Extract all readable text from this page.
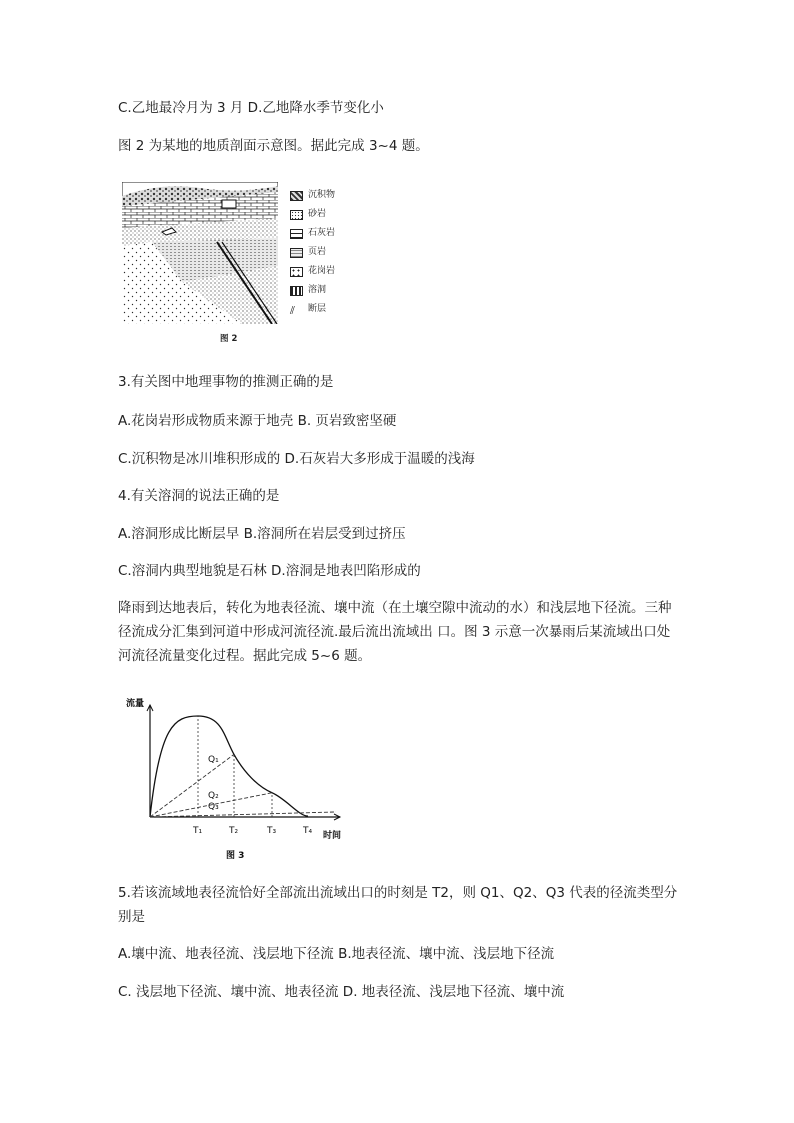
C.乙地最冷月为 3 月 D.乙地降水季节变化小
图 2 为某地的地质剖面示意图。据此完成 3~4 题。
沉积物
砂岩
石灰岩
页岩
花岗岩
溶洞
⫽	断层
图 2
3.有关图中地理事物的推测正确的是
A.花岗岩形成物质来源于地壳 B. 页岩致密坚硬
C.沉积物是冰川堆积形成的 D.石灰岩大多形成于温暖的浅海
4.有关溶洞的说法正确的是
A.溶洞形成比断层早 B.溶洞所在岩层受到过挤压
C.溶洞内典型地貌是石林 D.溶洞是地表凹陷形成的
降雨到达地表后，转化为地表径流、壤中流（在土壤空隙中流动的水）和浅层地下径流。三种径流成分汇集到河道中形成河流径流.最后流出流域出 口。图 3 示意一次暴雨后某流域出口处河流径流量变化过程。据此完成 5~6 题。
流量
时间
Q₁
Q₂
Q₃
T₁	T₂	T₃	T₄
图 3
5.若该流域地表径流恰好全部流出流域出口的时刻是 T2，则 Q1、Q2、Q3 代表的径流类型分别是
A.壤中流、地表径流、浅层地下径流 B.地表径流、壤中流、浅层地下径流
C. 浅层地下径流、壤中流、地表径流 D. 地表径流、浅层地下径流、壤中流
